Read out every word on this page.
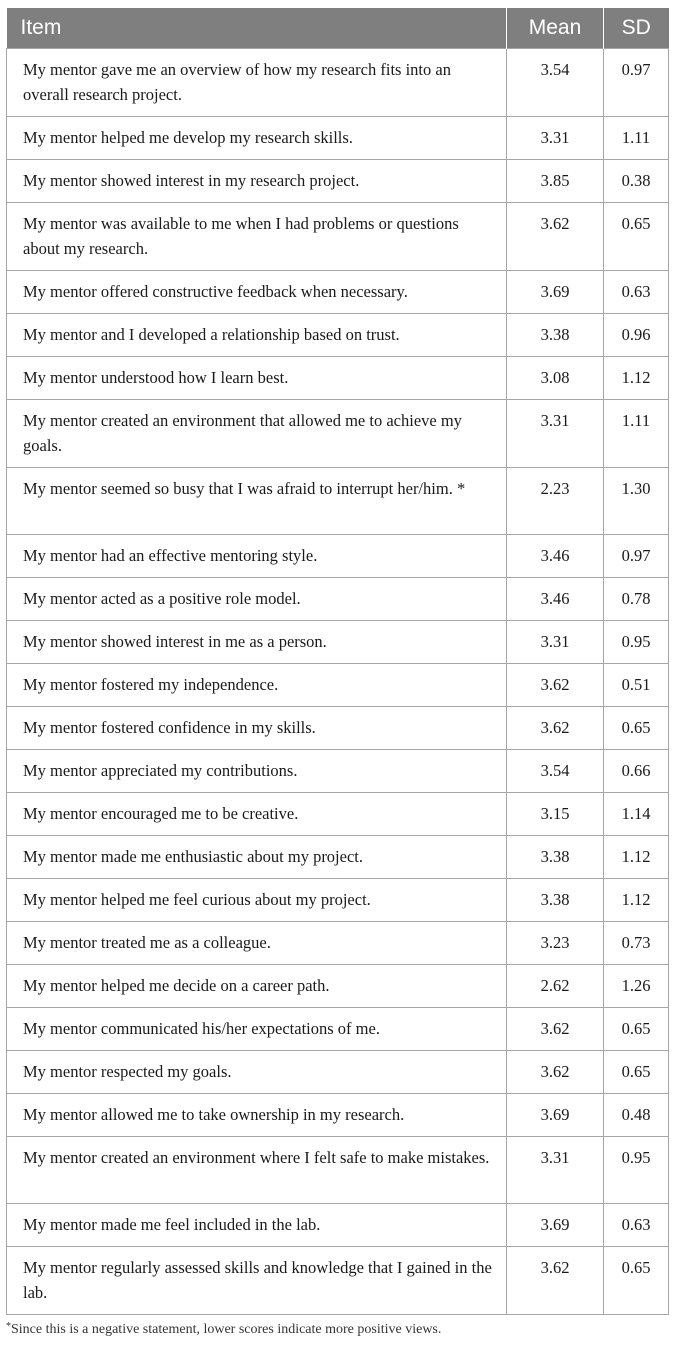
Item	Mean	SD
My mentor gave me an overview of how my research fits into an overall research project.	3.54	0.97
My mentor helped me develop my research skills.	3.31	1.11
My mentor showed interest in my research project.	3.85	0.38
My mentor was available to me when I had problems or questions about my research.	3.62	0.65
My mentor offered constructive feedback when necessary.	3.69	0.63
My mentor and I developed a relationship based on trust.	3.38	0.96
My mentor understood how I learn best.	3.08	1.12
My mentor created an environment that allowed me to achieve my goals.	3.31	1.11
My mentor seemed so busy that I was afraid to interrupt her/him. *	2.23	1.30
My mentor had an effective mentoring style.	3.46	0.97
My mentor acted as a positive role model.	3.46	0.78
My mentor showed interest in me as a person.	3.31	0.95
My mentor fostered my independence.	3.62	0.51
My mentor fostered confidence in my skills.	3.62	0.65
My mentor appreciated my contributions.	3.54	0.66
My mentor encouraged me to be creative.	3.15	1.14
My mentor made me enthusiastic about my project.	3.38	1.12
My mentor helped me feel curious about my project.	3.38	1.12
My mentor treated me as a colleague.	3.23	0.73
My mentor helped me decide on a career path.	2.62	1.26
My mentor communicated his/her expectations of me.	3.62	0.65
My mentor respected my goals.	3.62	0.65
My mentor allowed me to take ownership in my research.	3.69	0.48
My mentor created an environment where I felt safe to make mistakes.	3.31	0.95
My mentor made me feel included in the lab.	3.69	0.63
My mentor regularly assessed skills and knowledge that I gained in the lab.	3.62	0.65
*Since this is a negative statement, lower scores indicate more positive views.
